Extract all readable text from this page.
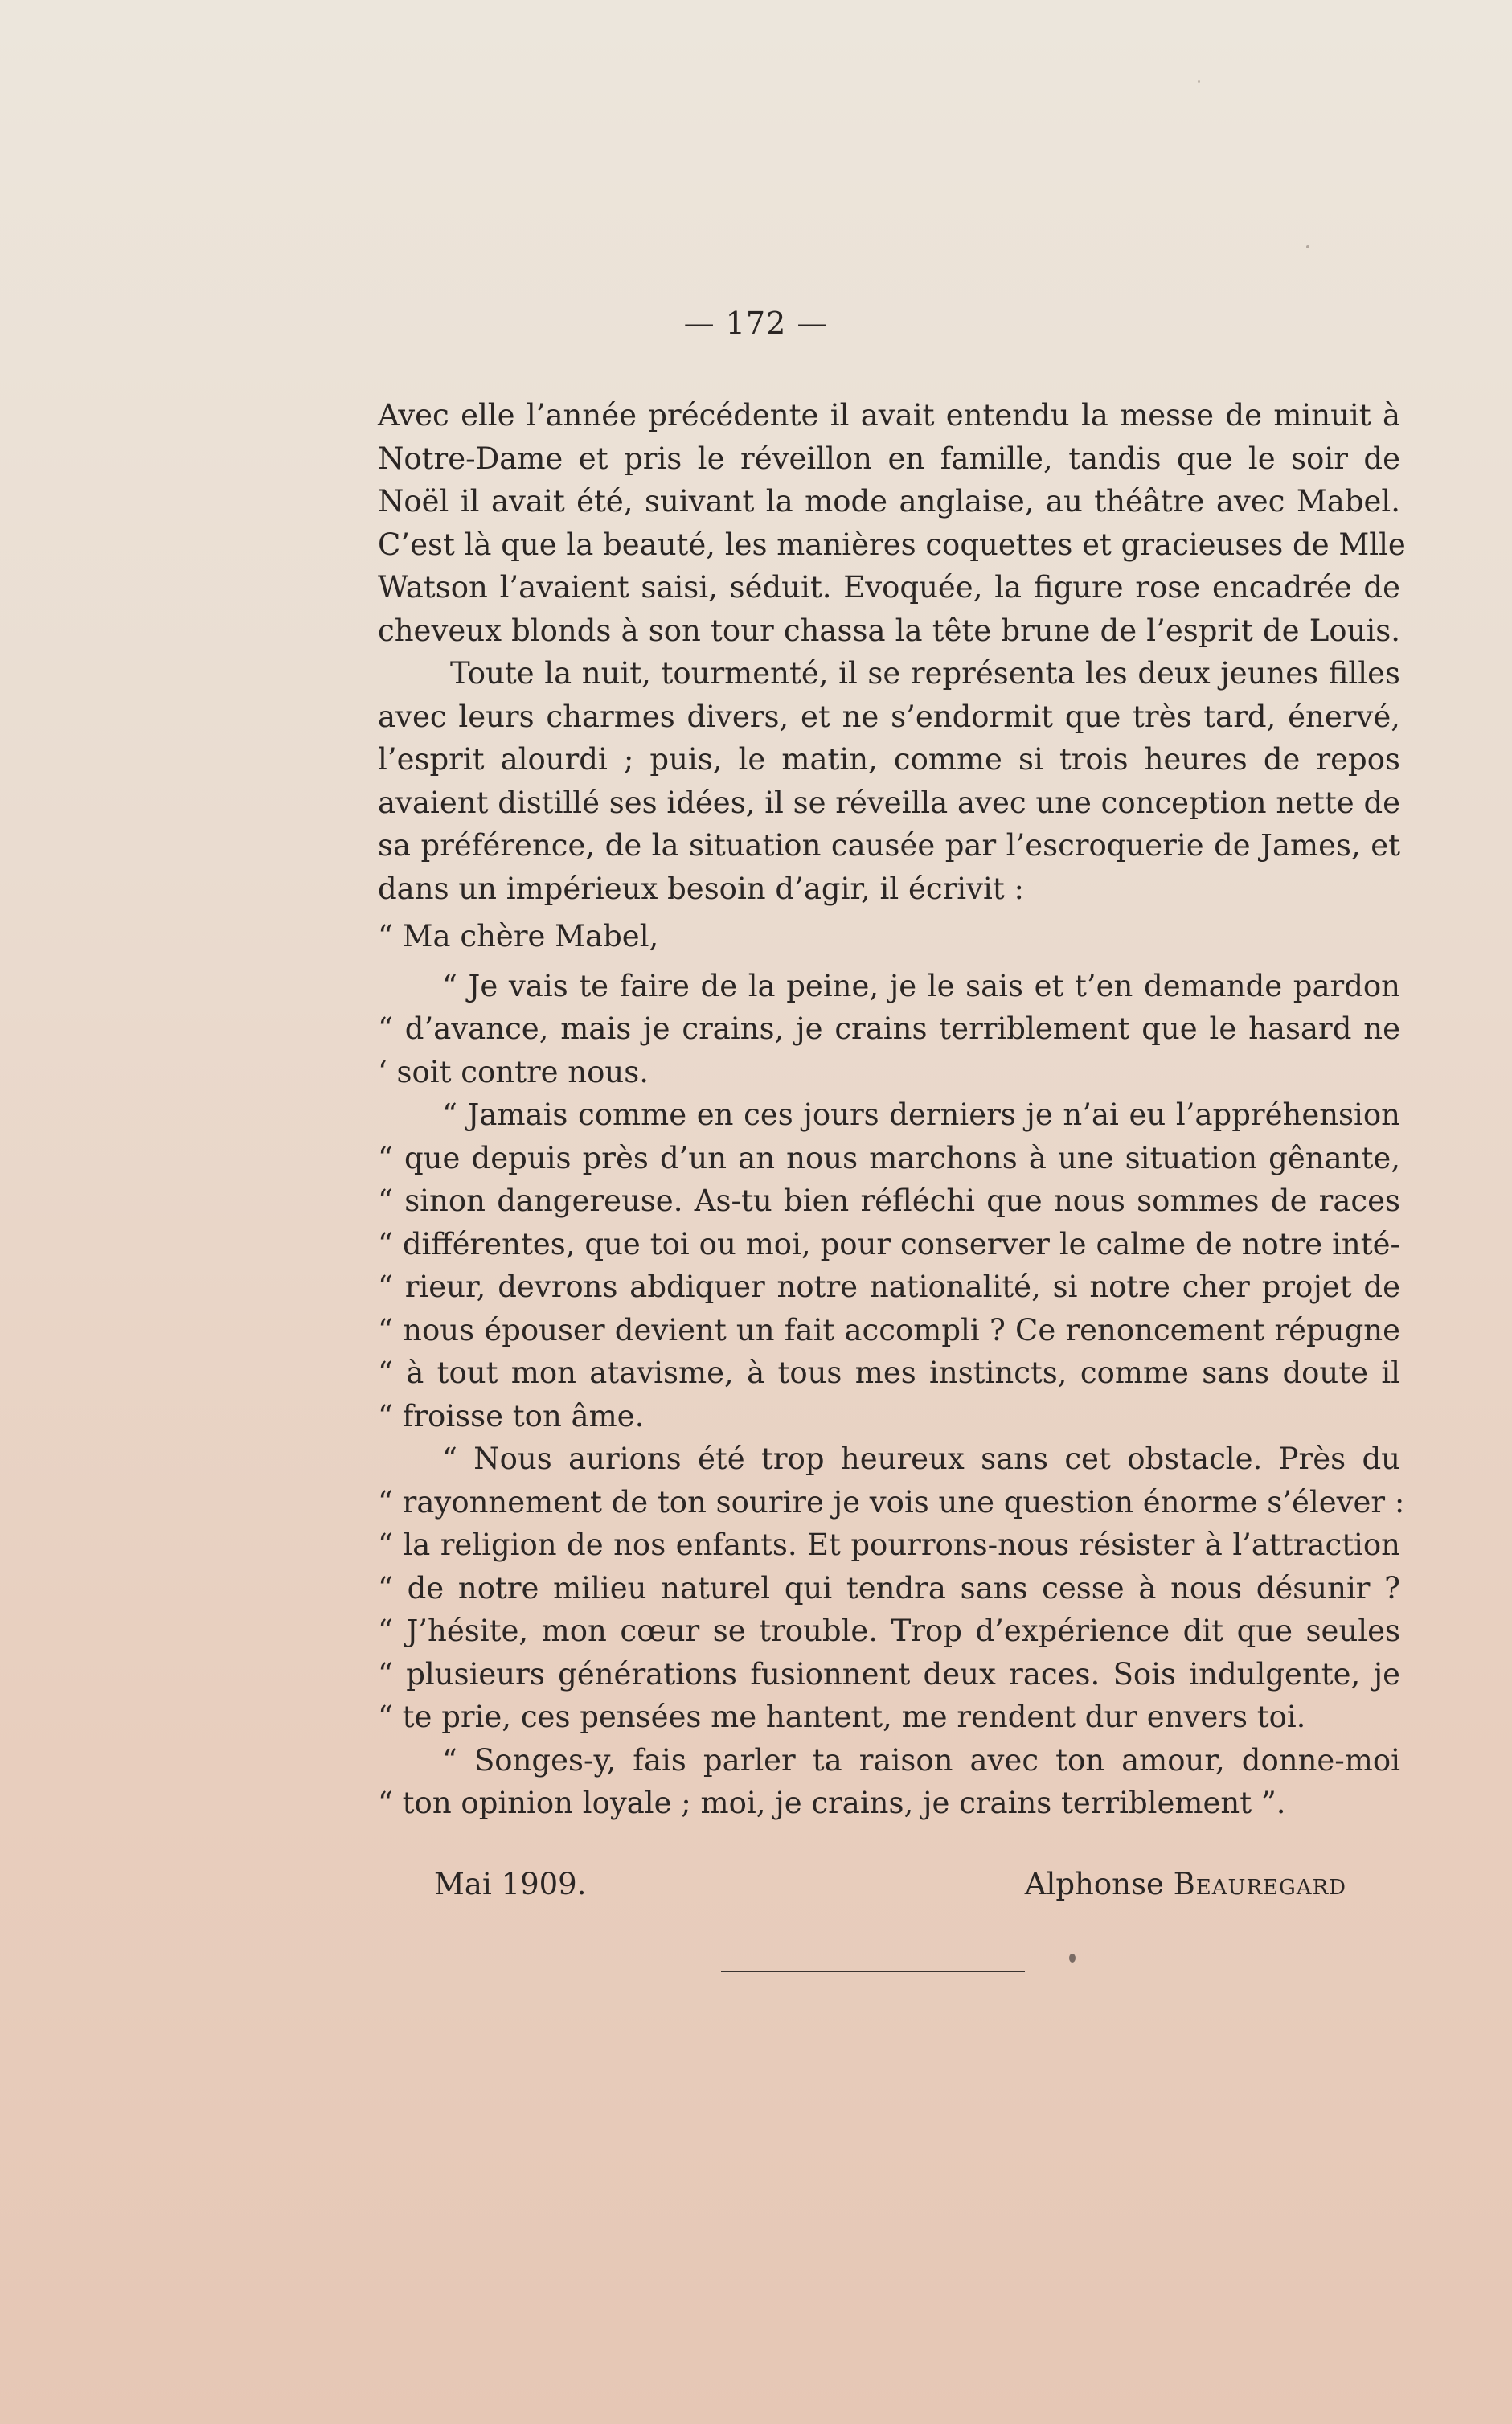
— 172 —
Avec elle l’année précédente il avait entendu la messe de minuit à
Notre-Dame et pris le réveillon en famille, tandis que le soir de
Noël il avait été, suivant la mode anglaise, au théâtre avec Mabel.
C’est là que la beauté, les manières coquettes et gracieuses de Mlle
Watson l’avaient saisi, séduit. Evoquée, la figure rose encadrée de
cheveux blonds à son tour chassa la tête brune de l’esprit de Louis.
Toute la nuit, tourmenté, il se représenta les deux jeunes filles
avec leurs charmes divers, et ne s’endormit que très tard, énervé,
l’esprit alourdi ; puis, le matin, comme si trois heures de repos
avaient distillé ses idées, il se réveilla avec une conception nette de
sa préférence, de la situation causée par l’escroquerie de James, et
dans un impérieux besoin d’agir, il écrivit :
“ Ma chère Mabel,
“ Je vais te faire de la peine, je le sais et t’en demande pardon
“ d’avance, mais je crains, je crains terriblement que le hasard ne
‘ soit contre nous.
“ Jamais comme en ces jours derniers je n’ai eu l’appréhension
“ que depuis près d’un an nous marchons à une situation gênante,
“ sinon dangereuse. As-tu bien réfléchi que nous sommes de races
“ différentes, que toi ou moi, pour conserver le calme de notre inté-
“ rieur, devrons abdiquer notre nationalité, si notre cher projet de
“ nous épouser devient un fait accompli ? Ce renoncement répugne
“ à tout mon atavisme, à tous mes instincts, comme sans doute il
“ froisse ton âme.
“ Nous aurions été trop heureux sans cet obstacle. Près du
“ rayonnement de ton sourire je vois une question énorme s’élever :
“ la religion de nos enfants. Et pourrons-nous résister à l’attraction
“ de notre milieu naturel qui tendra sans cesse à nous désunir ?
“ J’hésite, mon cœur se trouble. Trop d’expérience dit que seules
“ plusieurs générations fusionnent deux races. Sois indulgente, je
“ te prie, ces pensées me hantent, me rendent dur envers toi.
“ Songes-y, fais parler ta raison avec ton amour, donne-moi
“ ton opinion loyale ; moi, je crains, je crains terriblement ”.
Mai 1909.	Alphonse Beauregard
